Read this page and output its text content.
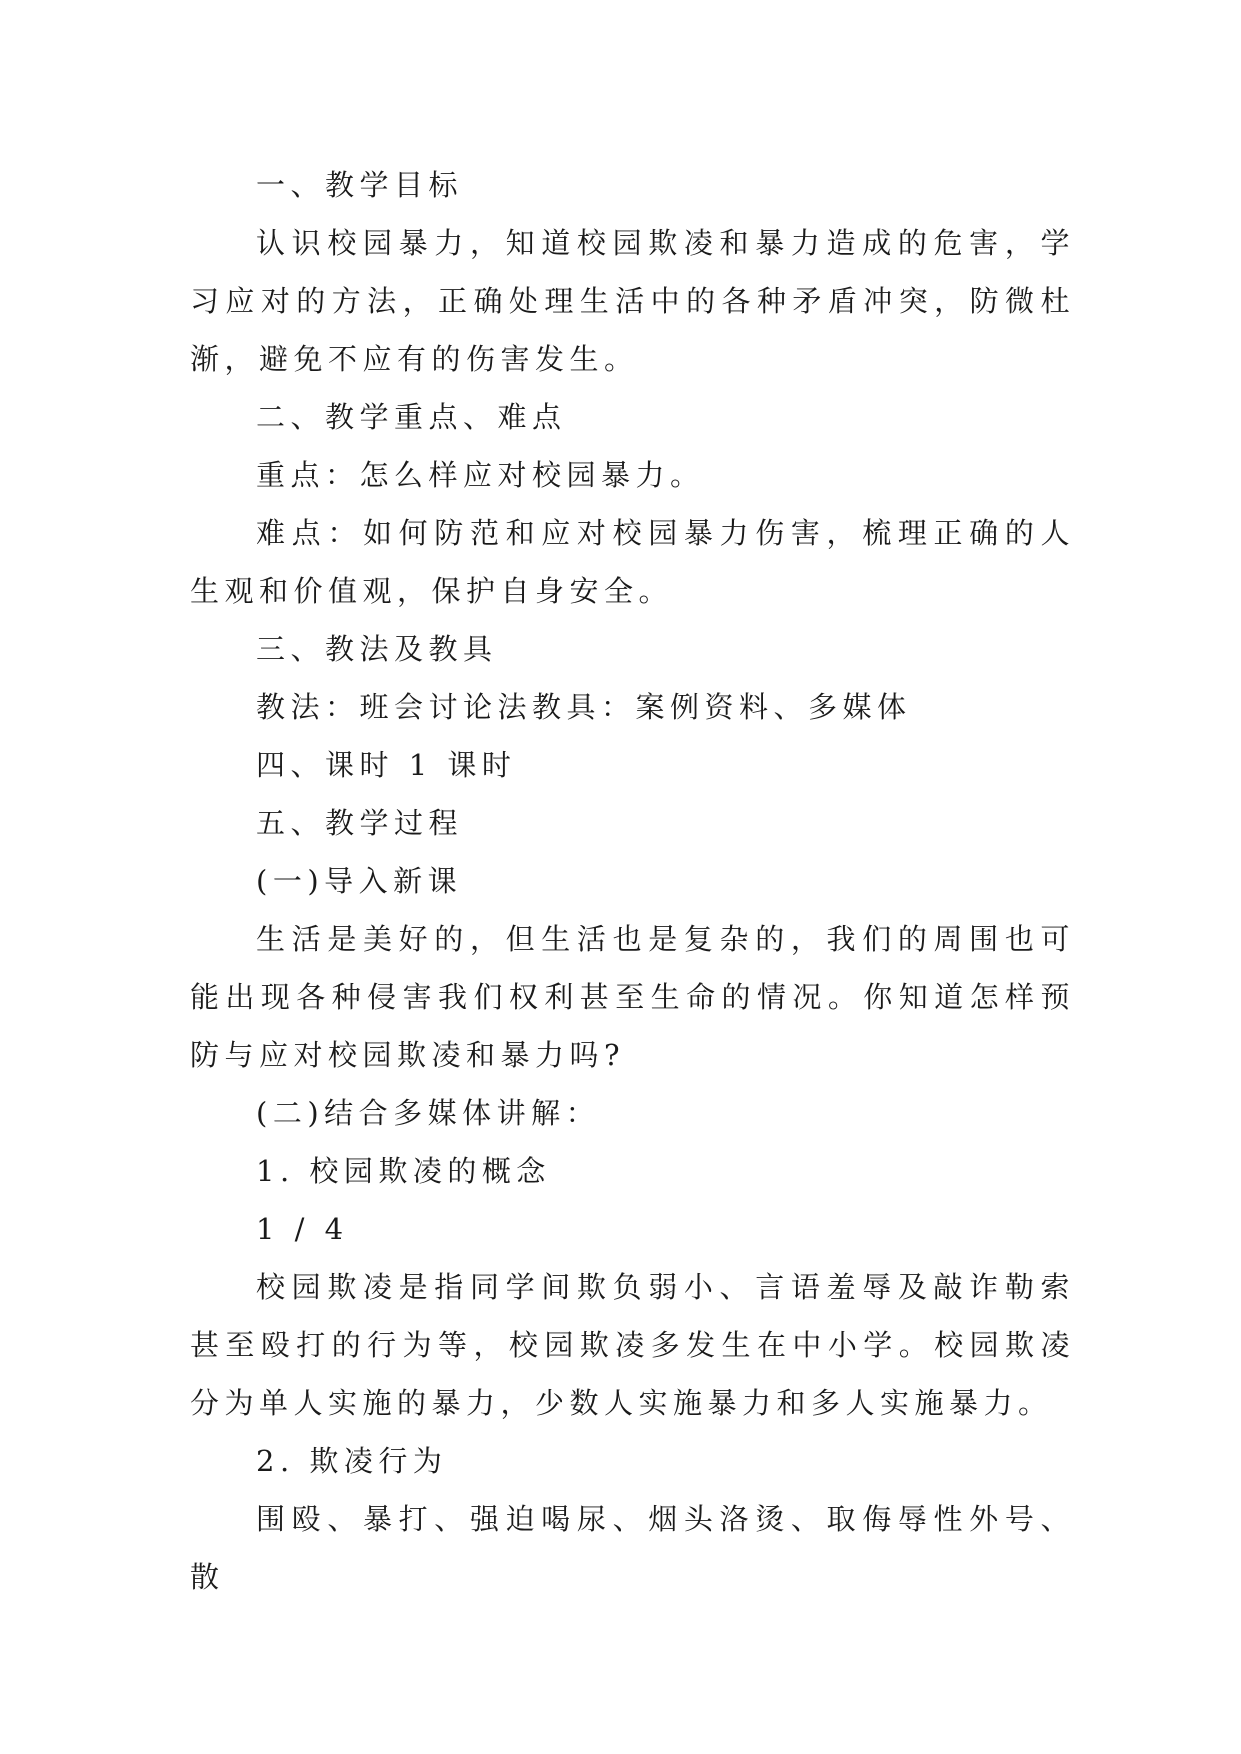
一、教学目标

认识校园暴力，知道校园欺凌和暴力造成的危害，学习应对的方法，正确处理生活中的各种矛盾冲突，防微杜渐，避免不应有的伤害发生。

二、教学重点、难点

重点：怎么样应对校园暴力。

难点：如何防范和应对校园暴力伤害，梳理正确的人生观和价值观，保护自身安全。

三、教法及教具

教法：班会讨论法教具：案例资料、多媒体

四、课时 1 课时

五、教学过程

(一)导入新课

生活是美好的，但生活也是复杂的，我们的周围也可能出现各种侵害我们权利甚至生命的情况。你知道怎样预防与应对校园欺凌和暴力吗?

(二)结合多媒体讲解：

1. 校园欺凌的概念

1 / 4

校园欺凌是指同学间欺负弱小、言语羞辱及敲诈勒索甚至殴打的行为等，校园欺凌多发生在中小学。校园欺凌分为单人实施的暴力，少数人实施暴力和多人实施暴力。

2. 欺凌行为

围殴、暴打、强迫喝尿、烟头洛烫、取侮辱性外号、散
